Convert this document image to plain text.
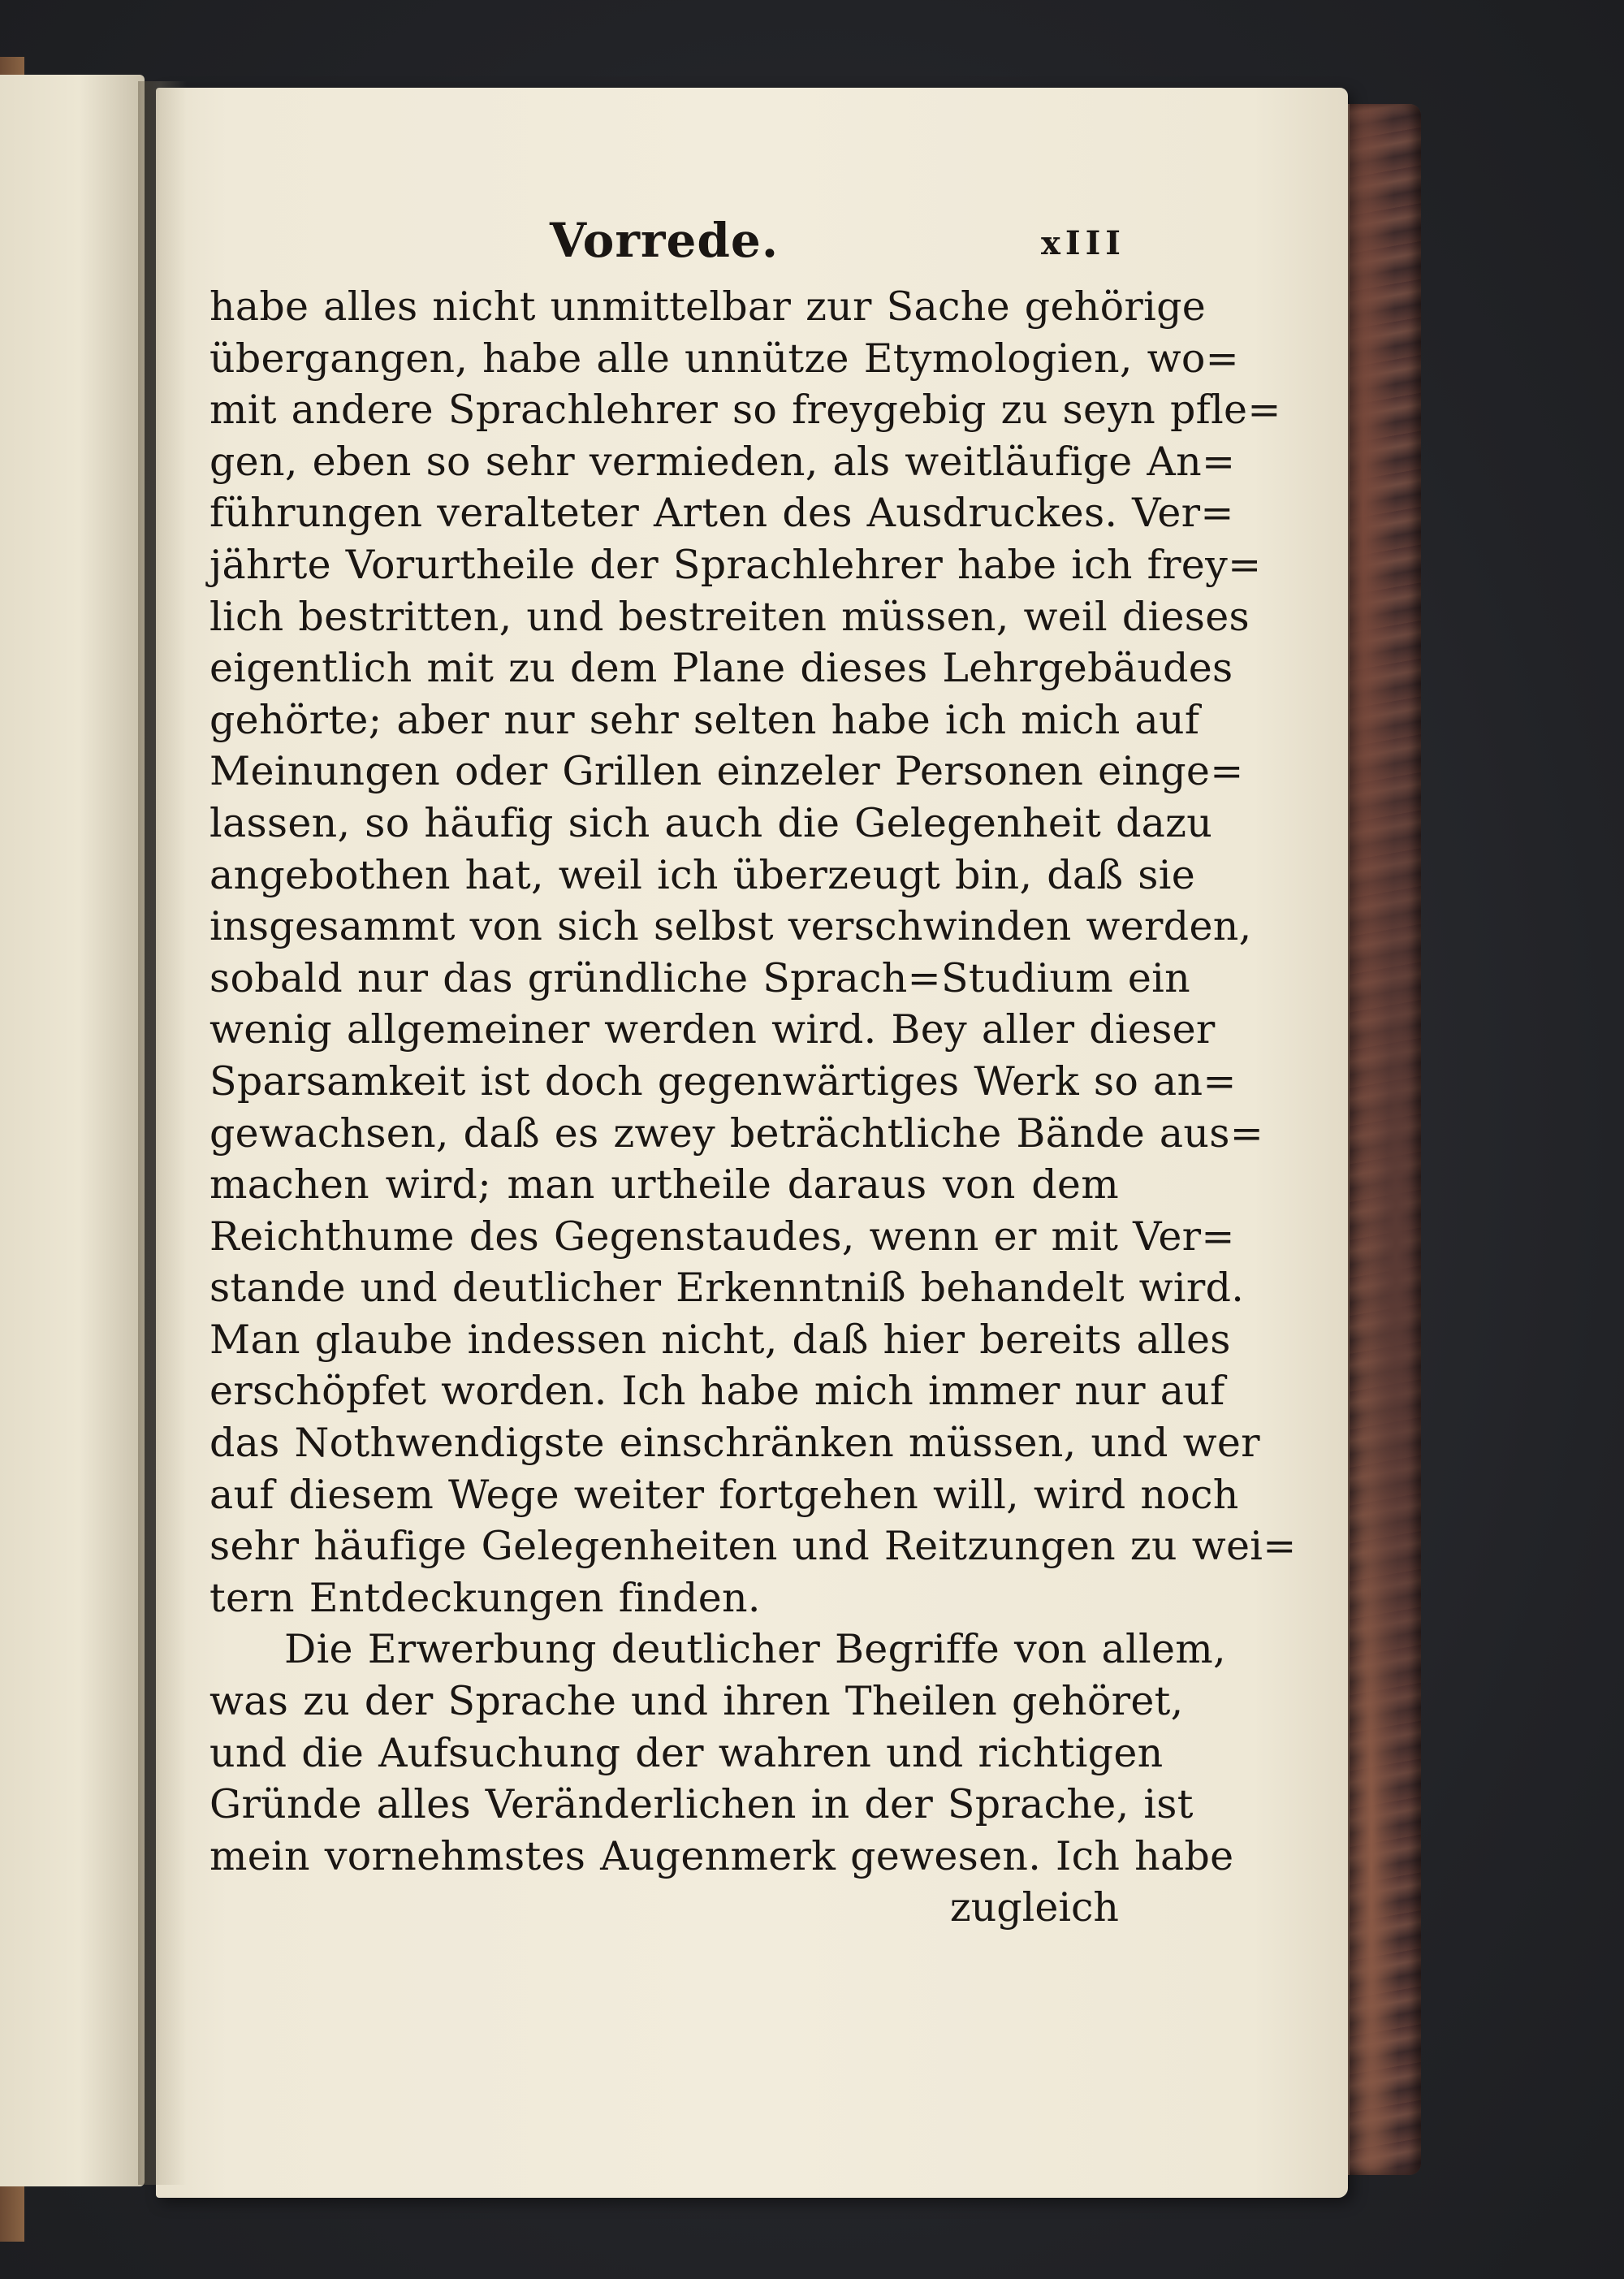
Vorrede.	xIII
habe alles nicht unmittelbar zur Sache gehörige
übergangen, habe alle unnütze Etymologien, wo=
mit andere Sprachlehrer so freygebig zu seyn pfle=
gen, eben so sehr vermieden, als weitläufige An=
führungen veralteter Arten des Ausdruckes. Ver=
jährte Vorurtheile der Sprachlehrer habe ich frey=
lich bestritten, und bestreiten müssen, weil dieses
eigentlich mit zu dem Plane dieses Lehrgebäudes
gehörte; aber nur sehr selten habe ich mich auf
Meinungen oder Grillen einzeler Personen einge=
lassen, so häufig sich auch die Gelegenheit dazu
angebothen hat, weil ich überzeugt bin, daß sie
insgesammt von sich selbst verschwinden werden,
sobald nur das gründliche Sprach=Studium ein
wenig allgemeiner werden wird. Bey aller dieser
Sparsamkeit ist doch gegenwärtiges Werk so an=
gewachsen, daß es zwey beträchtliche Bände aus=
machen wird; man urtheile daraus von dem
Reichthume des Gegenstaudes, wenn er mit Ver=
stande und deutlicher Erkenntniß behandelt wird.
Man glaube indessen nicht, daß hier bereits alles
erschöpfet worden. Ich habe mich immer nur auf
das Nothwendigste einschränken müssen, und wer
auf diesem Wege weiter fortgehen will, wird noch
sehr häufige Gelegenheiten und Reitzungen zu wei=
tern Entdeckungen finden.
Die Erwerbung deutlicher Begriffe von allem,
was zu der Sprache und ihren Theilen gehöret,
und die Aufsuchung der wahren und richtigen
Gründe alles Veränderlichen in der Sprache, ist
mein vornehmstes Augenmerk gewesen. Ich habe
zugleich
